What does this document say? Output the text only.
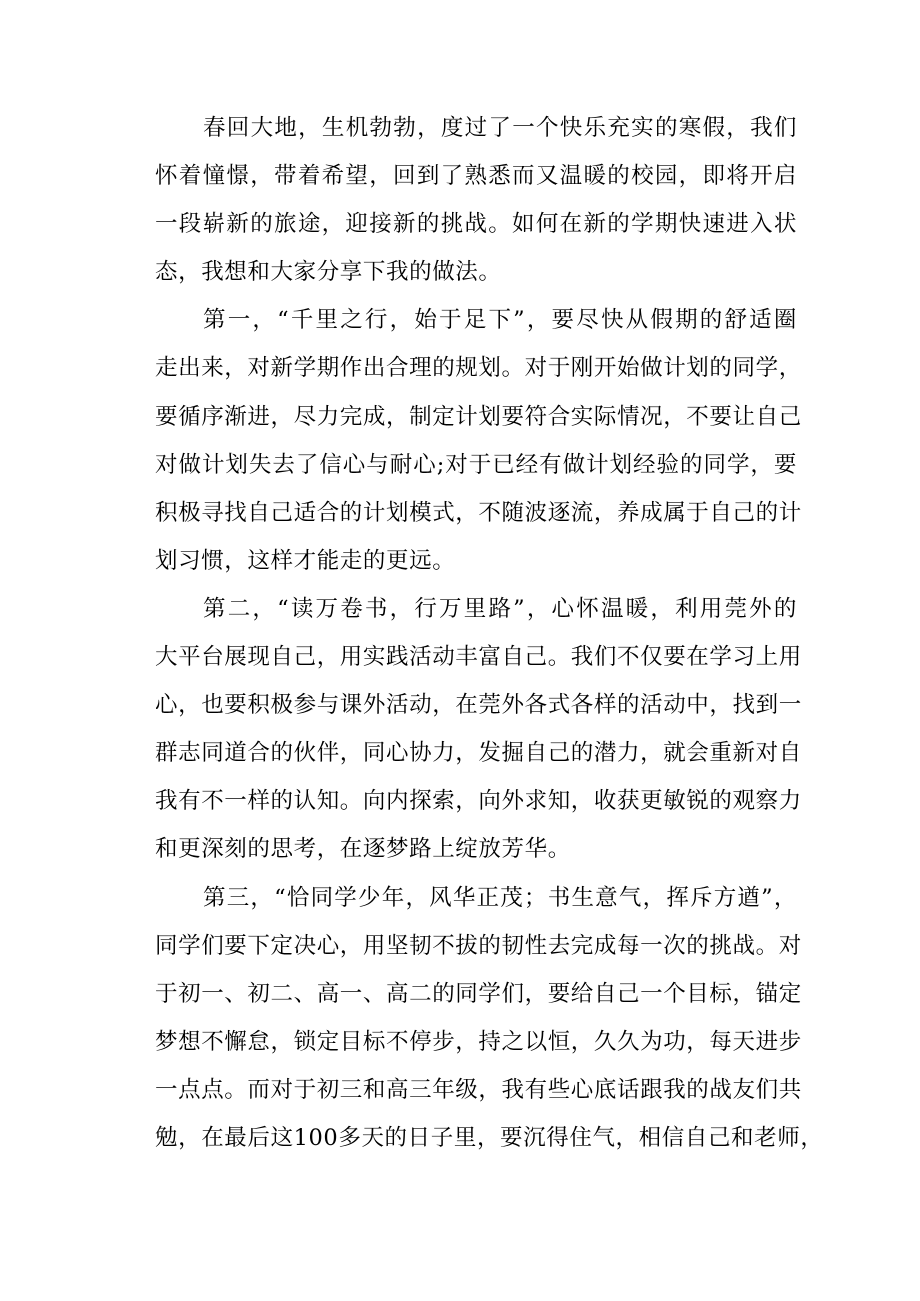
春回大地，生机勃勃，度过了一个快乐充实的寒假，我们
怀着憧憬，带着希望，回到了熟悉而又温暖的校园，即将开启
一段崭新的旅途，迎接新的挑战。如何在新的学期快速进入状
态，我想和大家分享下我的做法。
第一，“千里之行，始于足下”，要尽快从假期的舒适圈
走出来，对新学期作出合理的规划。对于刚开始做计划的同学，
要循序渐进，尽力完成，制定计划要符合实际情况，不要让自己
对做计划失去了信心与耐心;对于已经有做计划经验的同学，要
积极寻找自己适合的计划模式，不随波逐流，养成属于自己的计
划习惯，这样才能走的更远。
第二，“读万卷书，行万里路”，心怀温暖，利用莞外的
大平台展现自己，用实践活动丰富自己。我们不仅要在学习上用
心，也要积极参与课外活动，在莞外各式各样的活动中，找到一
群志同道合的伙伴，同心协力，发掘自己的潜力，就会重新对自
我有不一样的认知。向内探索，向外求知，收获更敏锐的观察力
和更深刻的思考，在逐梦路上绽放芳华。
第三，“恰同学少年，风华正茂；书生意气，挥斥方遒”，
同学们要下定决心，用坚韧不拔的韧性去完成每一次的挑战。对
于初一、初二、高一、高二的同学们，要给自己一个目标，锚定
梦想不懈怠，锁定目标不停步，持之以恒，久久为功，每天进步
一点点。而对于初三和高三年级，我有些心底话跟我的战友们共
勉，在最后这100多天的日子里，要沉得住气，相信自己和老师，
